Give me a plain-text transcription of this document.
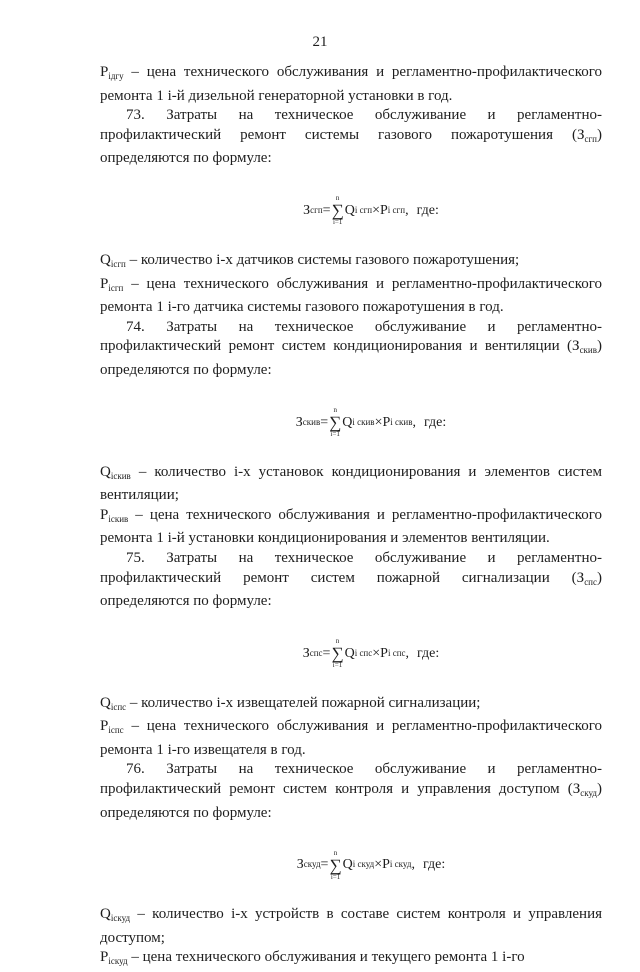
21

$P_{iдгу}$ – цена технического обслуживания и регламентно-профилактического ремонта 1 i-й дизельной генераторной установки в год.

73. Затраты на техническое обслуживание и регламентно-профилактический ремонт системы газового пожаротушения $(З_{сгп})$ определяются по формуле:

З сгп =
n
∑
i=1
Q i сгп × P i сгп , где:

$Q_{iсгп}$ – количество i-х датчиков системы газового пожаротушения;

$P_{iсгп}$ – цена технического обслуживания и регламентно-профилактического ремонта 1 i-го датчика системы газового пожаротушения в год.

74. Затраты на техническое обслуживание и регламентно- профилактический ремонт систем кондиционирования и вентиляции $(З_{скив})$ определяются по формуле:

З скив =
n
∑
i=1
Q i скив × P i скив , где:

$Q_{iскив}$ – количество i-х установок кондиционирования и элементов систем вентиляции;

$P_{iскив}$ – цена технического обслуживания и регламентно-профилактического ремонта 1 i-й установки кондиционирования и элементов вентиляции.

75. Затраты на техническое обслуживание и регламентно-профилактический ремонт систем пожарной сигнализации $(З_{спс})$ определяются по формуле:

З спс =
n
∑
i=1
Q i спс × P i спс , где:

$Q_{iспс}$ – количество i-х извещателей пожарной сигнализации;

$P_{iспс}$ – цена технического обслуживания и регламентно-профилактического ремонта 1 i-го извещателя в год.

76. Затраты на техническое обслуживание и регламентно-профилактический ремонт систем контроля и управления доступом $(З_{скуд})$ определяются по формуле:

З скуд =
n
∑
i=1
Q i скуд × P i скуд , где:

$Q_{iскуд}$ – количество i-х устройств в составе систем контроля и управления доступом;

$P_{iскуд}$ – цена технического обслуживания и текущего ремонта 1 i-го
